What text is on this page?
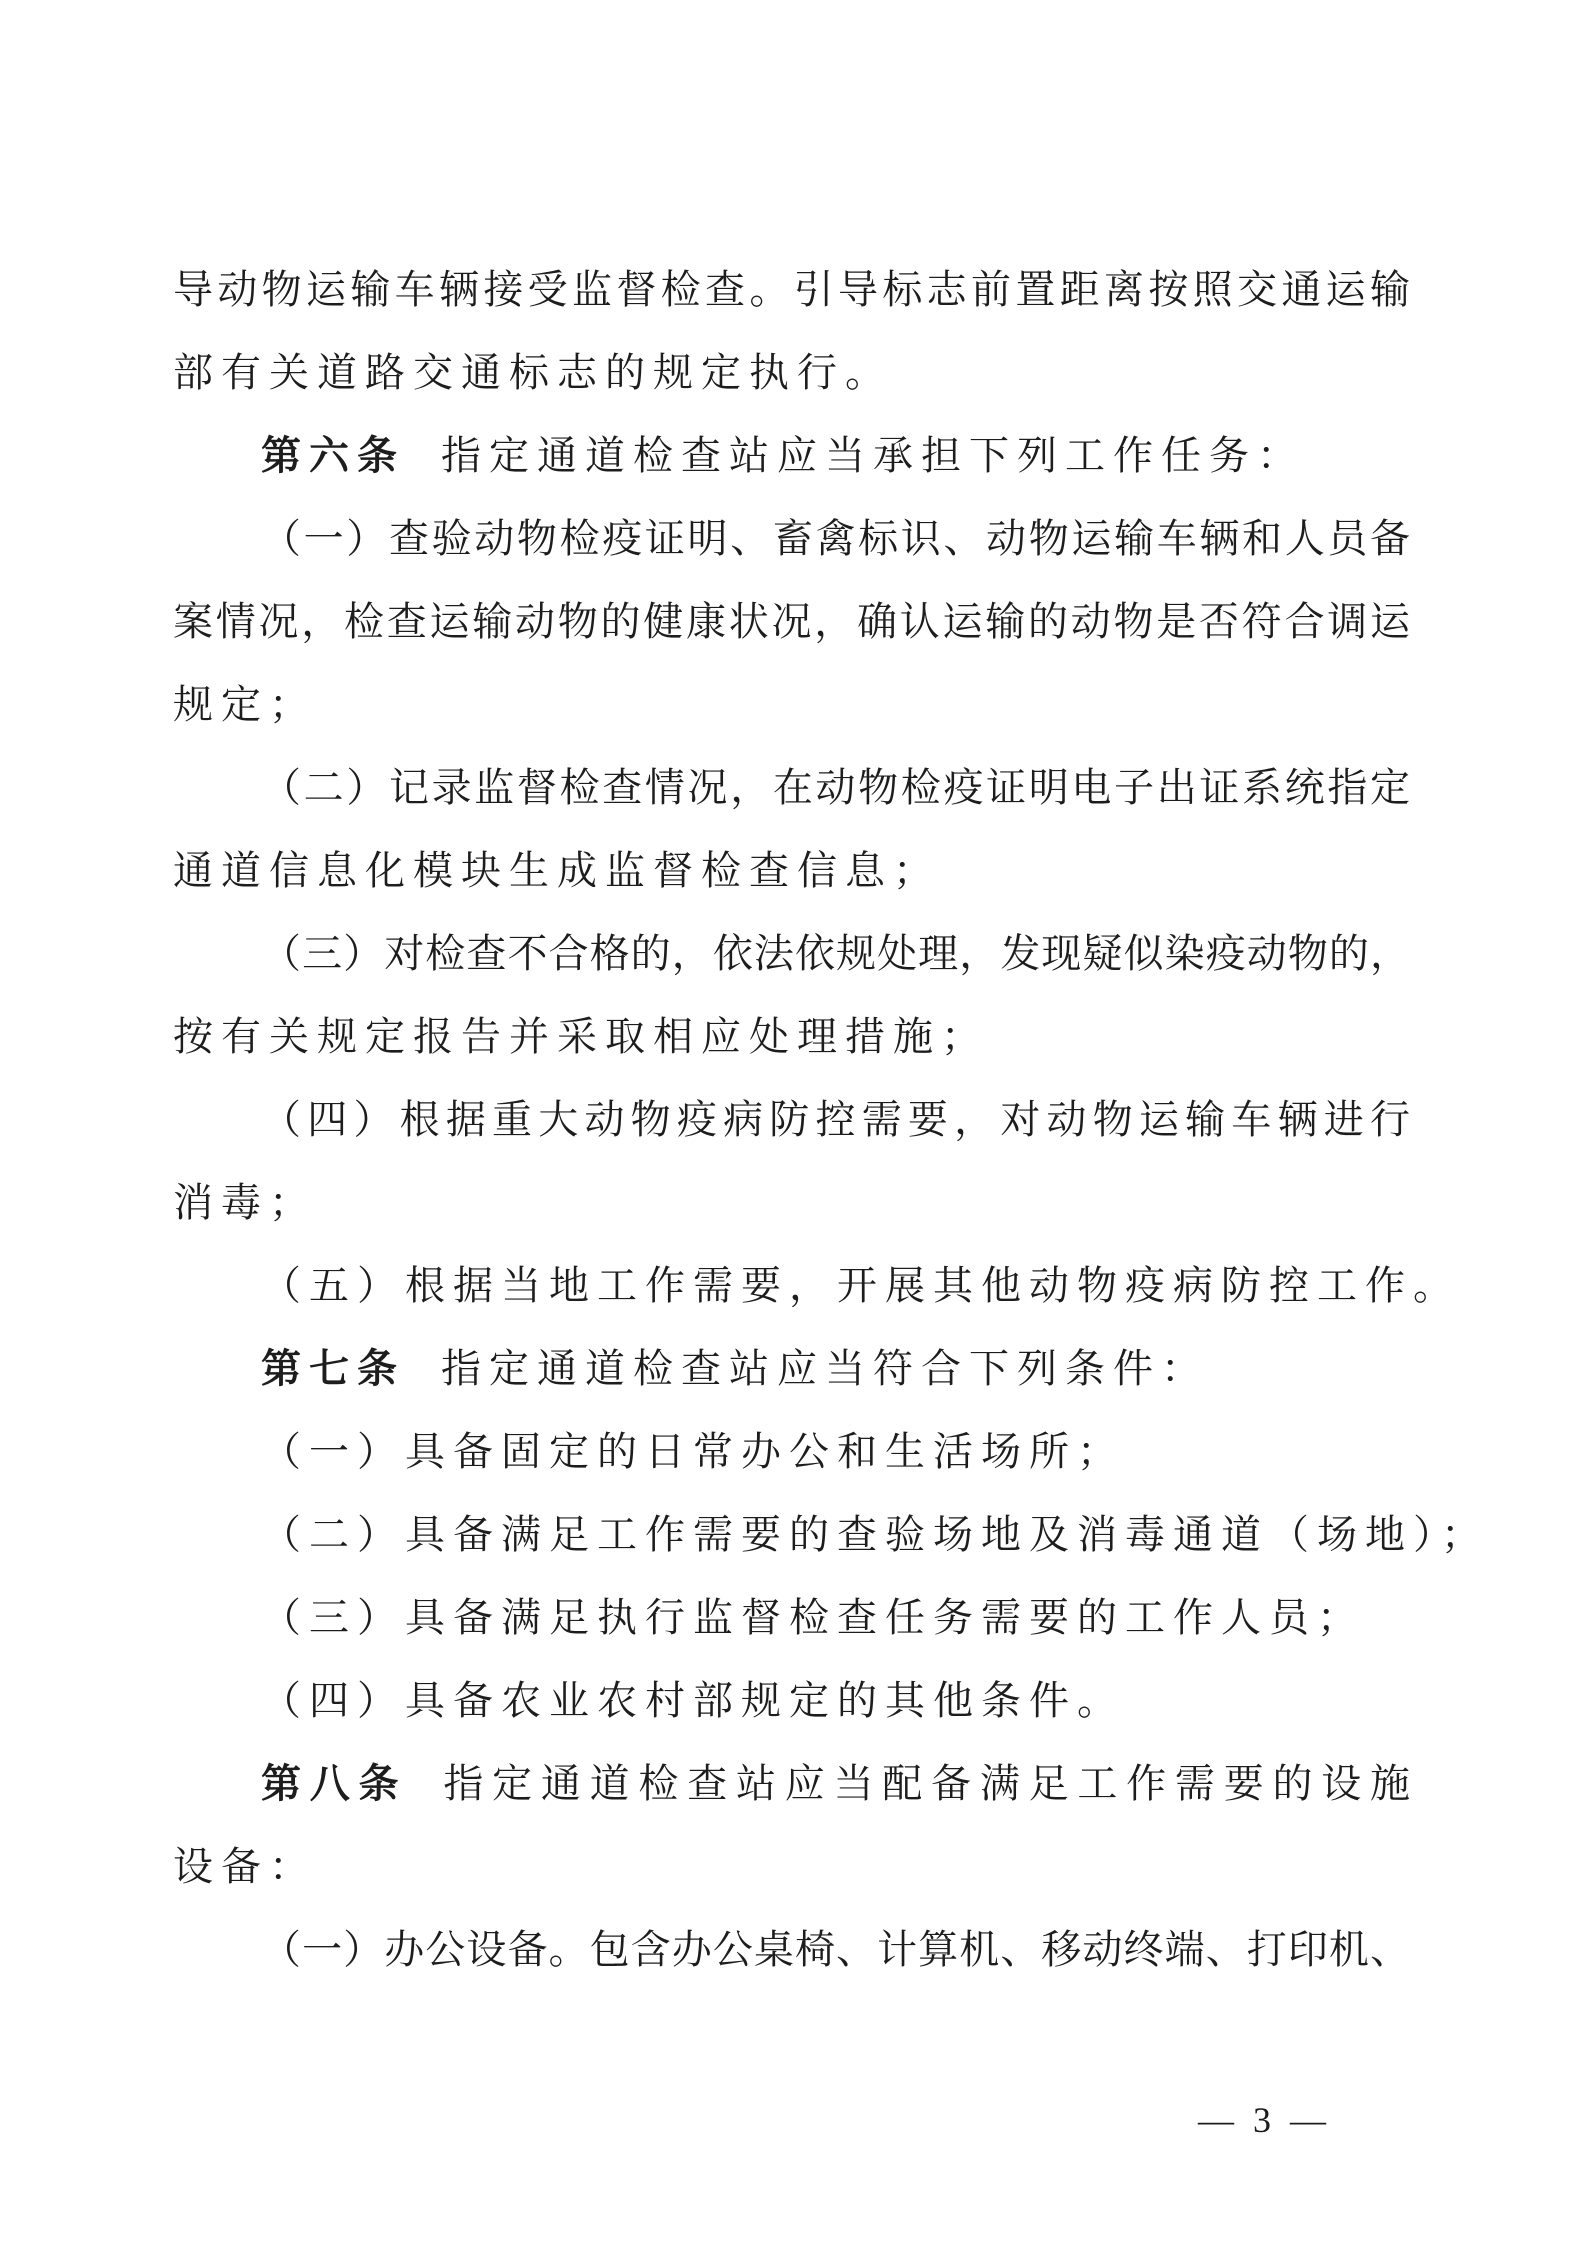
导动物运输车辆接受监督检查。引导标志前置距离按照交通运输
部有关道路交通标志的规定执行。
第六条 指定通道检查站应当承担下列工作任务：
（一）查验动物检疫证明、畜禽标识、动物运输车辆和人员备
案情况，检查运输动物的健康状况，确认运输的动物是否符合调运
规定；
（二）记录监督检查情况，在动物检疫证明电子出证系统指定
通道信息化模块生成监督检查信息；
（三）对检查不合格的，依法依规处理，发现疑似染疫动物的，
按有关规定报告并采取相应处理措施；
（四）根据重大动物疫病防控需要，对动物运输车辆进行
消毒；
（五）根据当地工作需要，开展其他动物疫病防控工作。
第七条 指定通道检查站应当符合下列条件：
（一）具备固定的日常办公和生活场所；
（二）具备满足工作需要的查验场地及消毒通道（场地）；
（三）具备满足执行监督检查任务需要的工作人员；
（四）具备农业农村部规定的其他条件。
第八条 指定通道检查站应当配备满足工作需要的设施
设备：
（一）办公设备。包含办公桌椅、计算机、移动终端、打印机、
— 3 —
